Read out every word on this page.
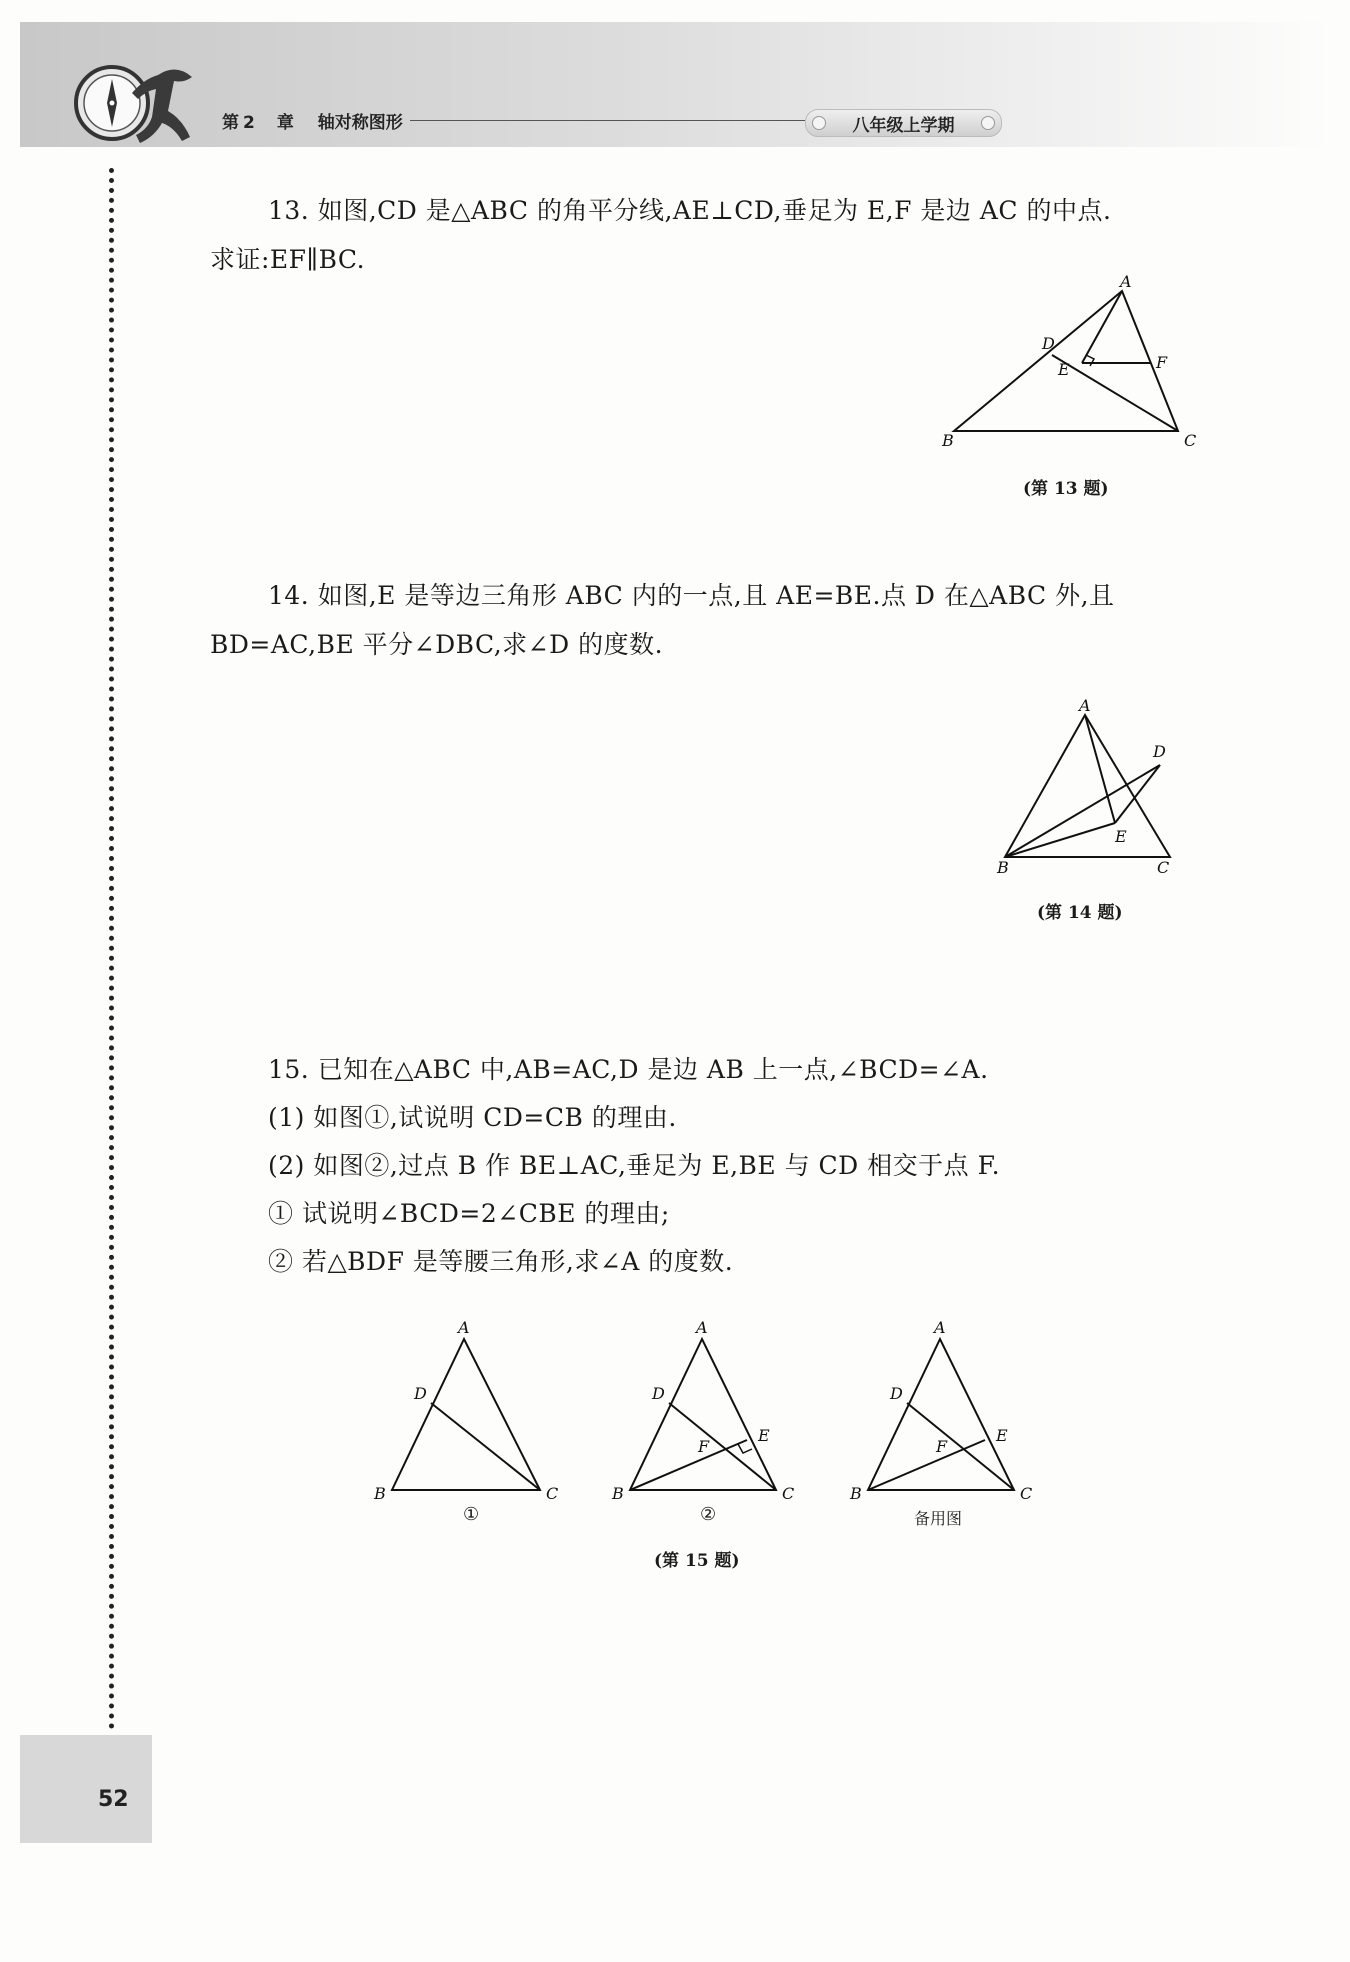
第 2 章 轴对称图形	八年级上学期
13. 如图,CD 是△ABC 的角平分线,AE⊥CD,垂足为 E,F 是边 AC 的中点.
求证:EF∥BC.
A
B	C
D
E	F
(第 13 题)
14. 如图,E 是等边三角形 ABC 内的一点,且 AE=BE.点 D 在△ABC 外,且
BD=AC,BE 平分∠DBC,求∠D 的度数.
A
B	C
D
E
(第 14 题)
15. 已知在△ABC 中,AB=AC,D 是边 AB 上一点,∠BCD=∠A.
(1) 如图①,试说明 CD=CB 的理由.
(2) 如图②,过点 B 作 BE⊥AC,垂足为 E,BE 与 CD 相交于点 F.
① 试说明∠BCD=2∠CBE 的理由;
② 若△BDF 是等腰三角形,求∠A 的度数.
A
B	C
D
①
A
B	C
D
E
F
②
A
B	C
D
E
F
备用图
(第 15 题)
52
